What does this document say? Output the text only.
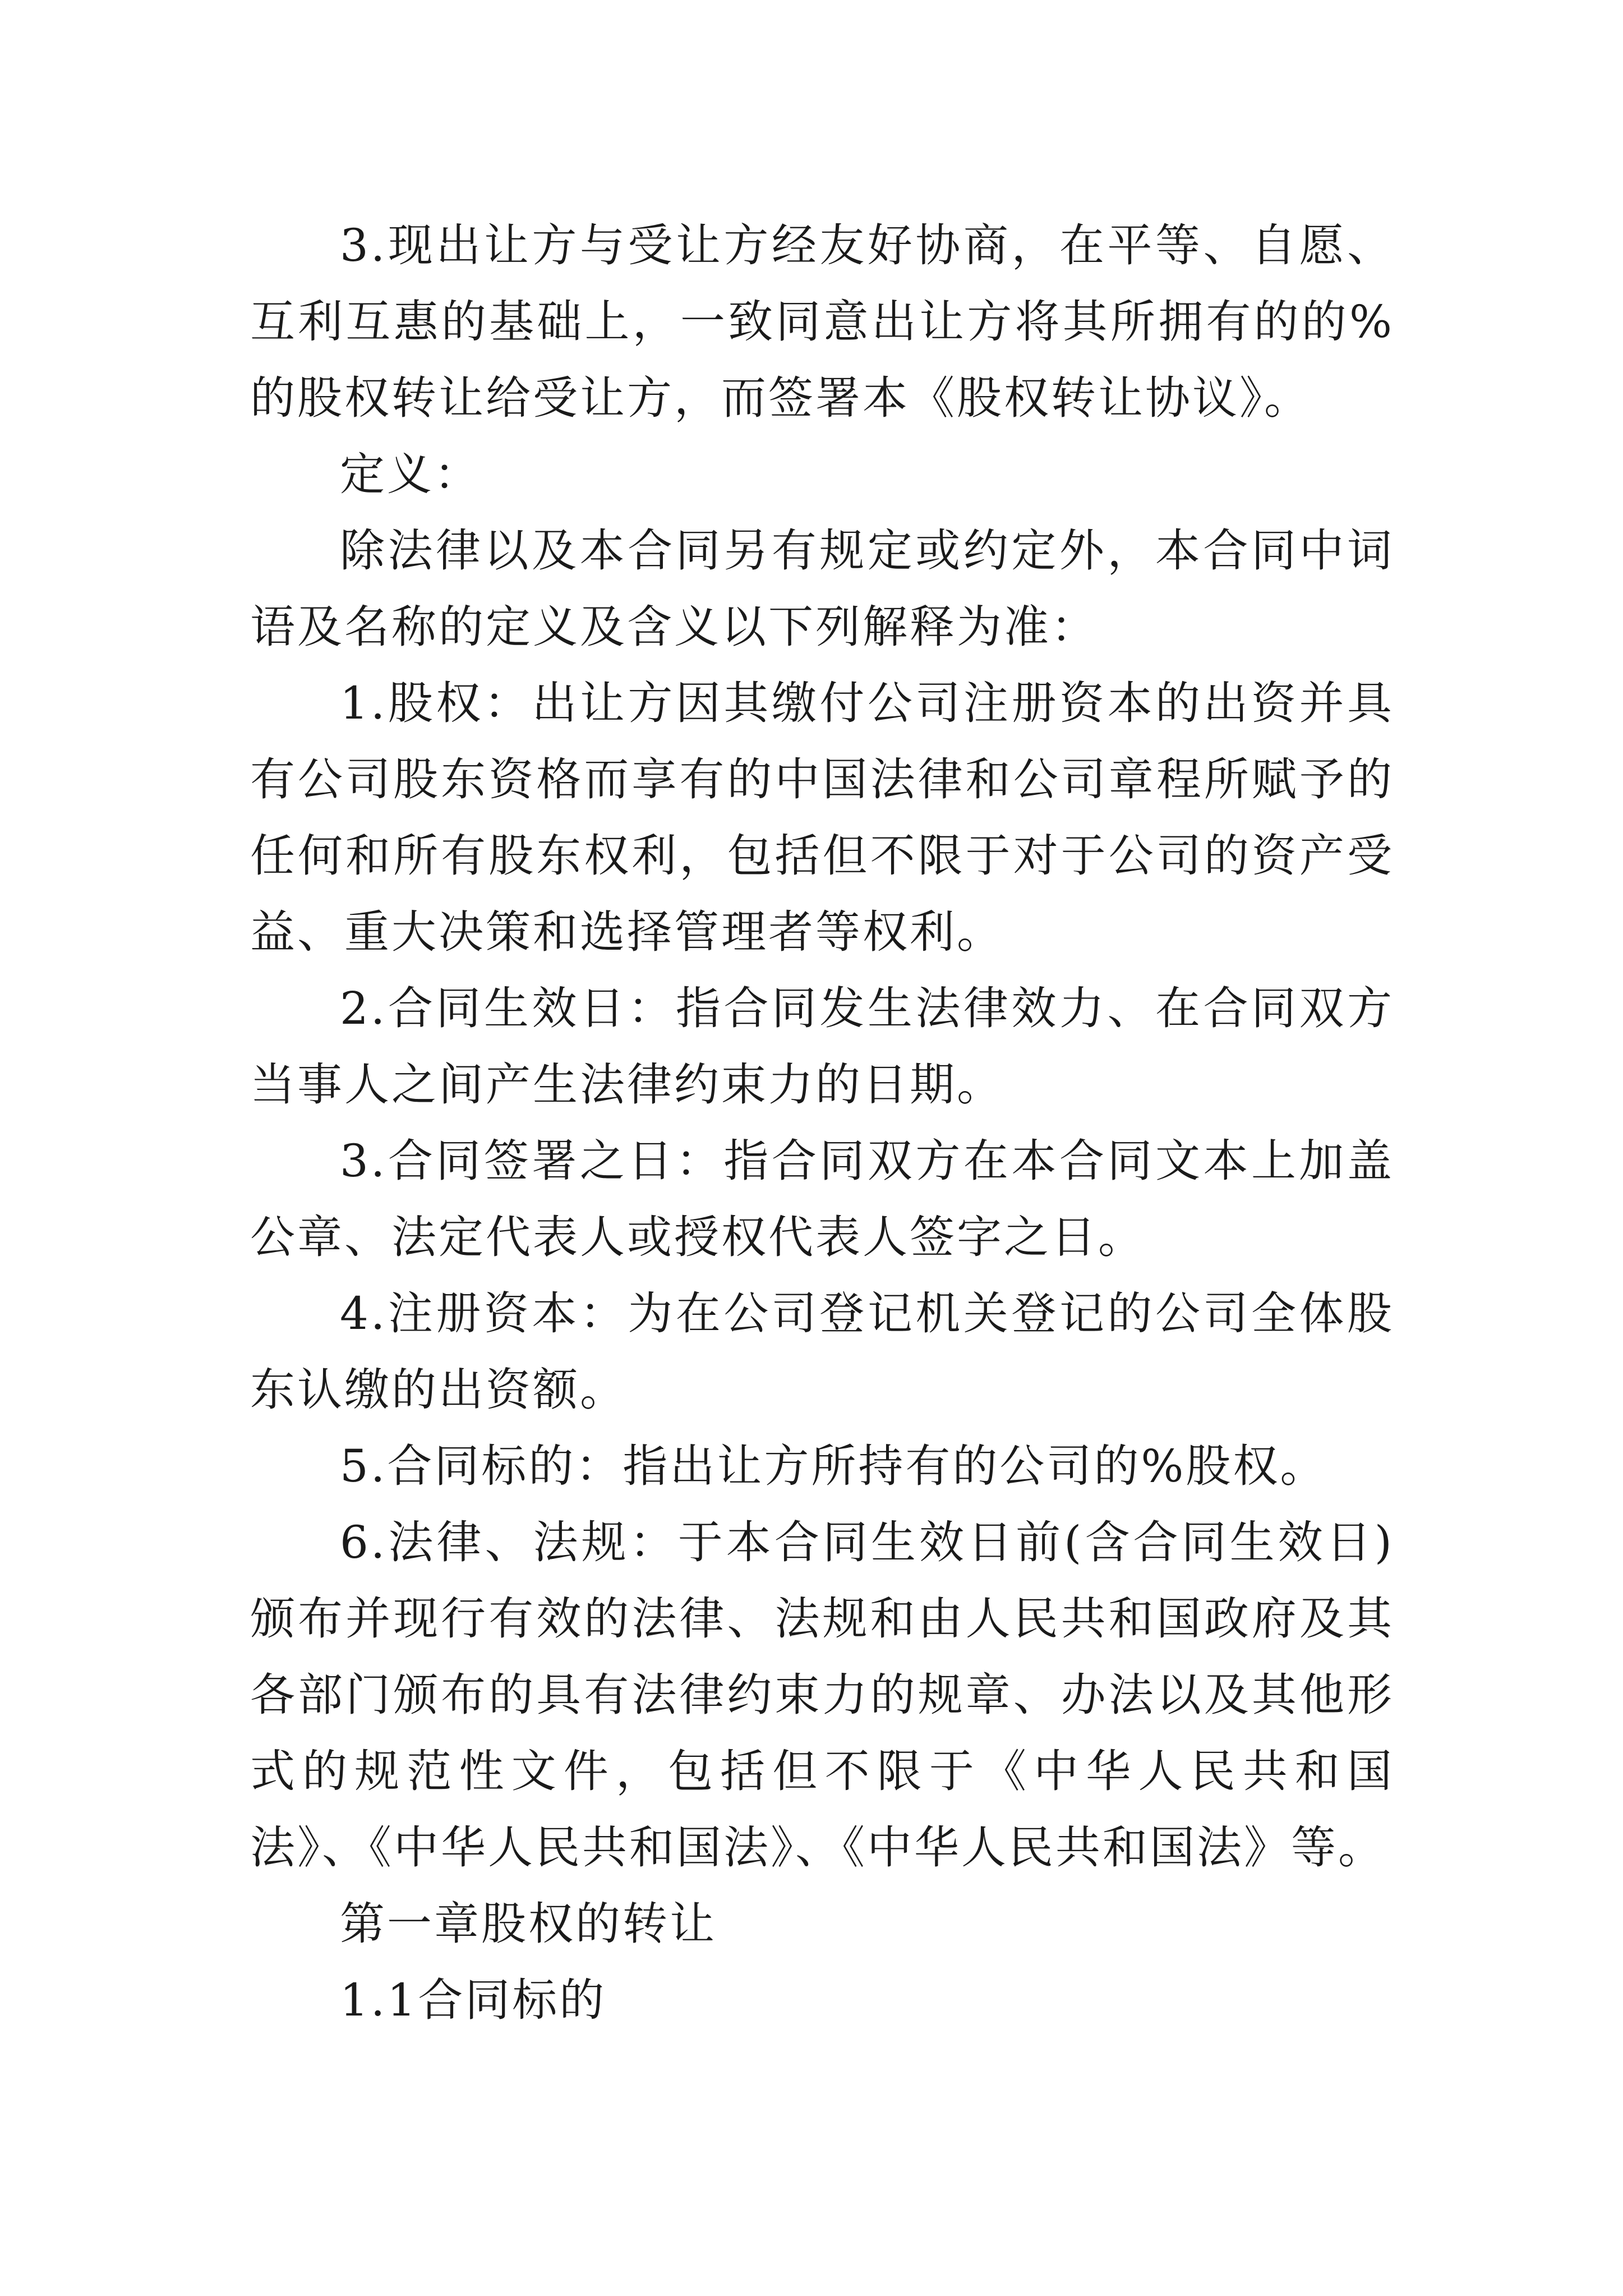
3.现出让方与受让方经友好协商，在平等、自愿、互利互惠的基础上，一致同意出让方将其所拥有的的%的股权转让给受让方，而签署本《股权转让协议》。

定义：

除法律以及本合同另有规定或约定外，本合同中词语及名称的定义及含义以下列解释为准：

1.股权：出让方因其缴付公司注册资本的出资并具有公司股东资格而享有的中国法律和公司章程所赋予的任何和所有股东权利，包括但不限于对于公司的资产受益、重大决策和选择管理者等权利。

2.合同生效日：指合同发生法律效力、在合同双方当事人之间产生法律约束力的日期。

3.合同签署之日：指合同双方在本合同文本上加盖公章、法定代表人或授权代表人签字之日。

4.注册资本：为在公司登记机关登记的公司全体股东认缴的出资额。

5.合同标的：指出让方所持有的公司的%股权。

6.法律、法规：于本合同生效日前(含合同生效日)颁布并现行有效的法律、法规和由人民共和国政府及其各部门颁布的具有法律约束力的规章、办法以及其他形式的规范性文件，包括但不限于《中华人民共和国法》、《中华人民共和国法》、《中华人民共和国法》等。

第一章股权的转让

1.1合同标的
